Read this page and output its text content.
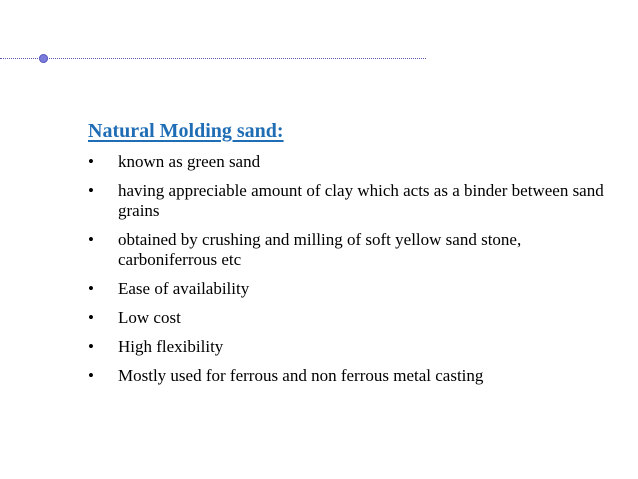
Natural Molding sand:
• known as green sand
• having appreciable amount of clay which acts as a binder between sand grains
• obtained by crushing and milling of soft yellow sand stone, carboniferrous etc
• Ease of availability
• Low cost
• High flexibility
• Mostly used for ferrous and non ferrous metal casting
